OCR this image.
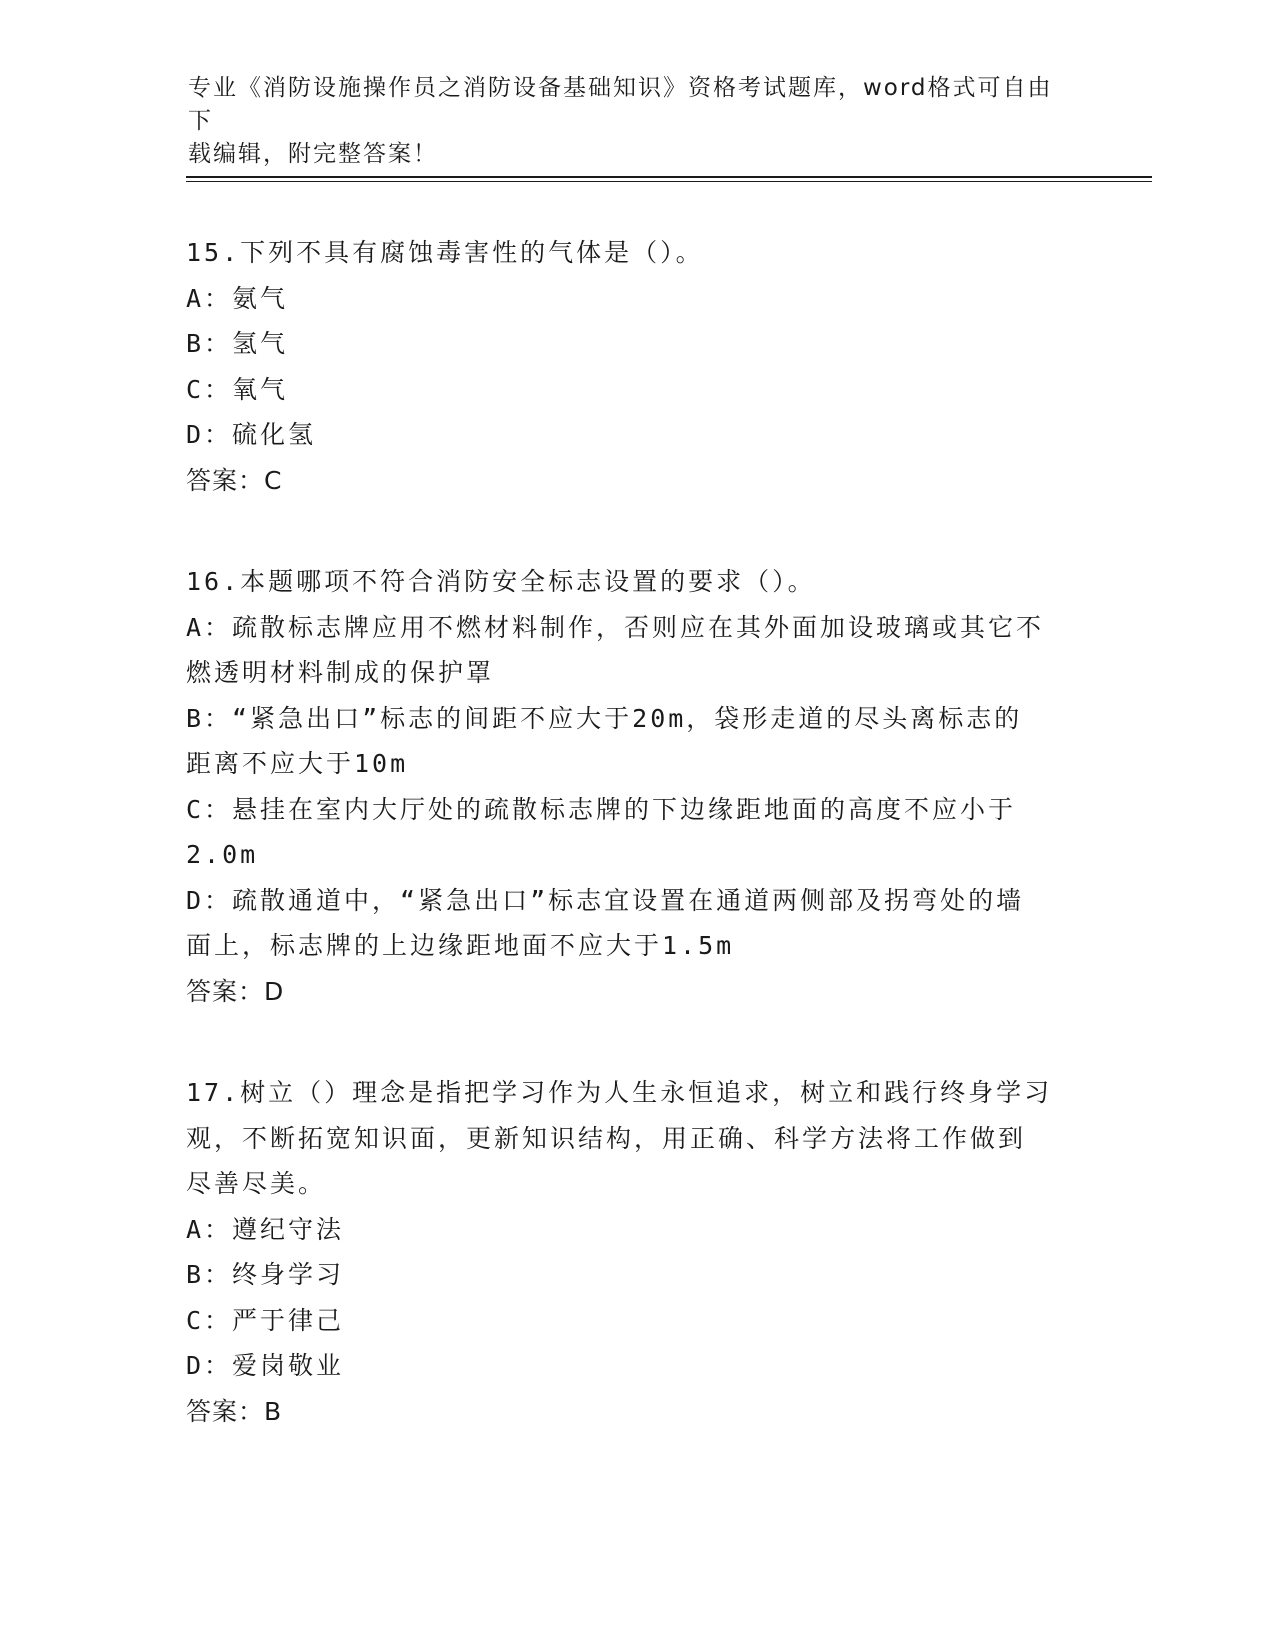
专业《消防设施操作员之消防设备基础知识》资格考试题库，word格式可自由下
载编辑，附完整答案！
15.下列不具有腐蚀毒害性的气体是（）。
A：氨气
B：氢气
C：氧气
D：硫化氢
答案：C
16.本题哪项不符合消防安全标志设置的要求（）。
A：疏散标志牌应用不燃材料制作，否则应在其外面加设玻璃或其它不
燃透明材料制成的保护罩
B：“紧急出口”标志的间距不应大于20m，袋形走道的尽头离标志的
距离不应大于10m
C：悬挂在室内大厅处的疏散标志牌的下边缘距地面的高度不应小于
2.0m
D：疏散通道中，“紧急出口”标志宜设置在通道两侧部及拐弯处的墙
面上，标志牌的上边缘距地面不应大于1.5m
答案：D
17.树立（）理念是指把学习作为人生永恒追求，树立和践行终身学习
观，不断拓宽知识面，更新知识结构，用正确、科学方法将工作做到
尽善尽美。
A：遵纪守法
B：终身学习
C：严于律己
D：爱岗敬业
答案：B
